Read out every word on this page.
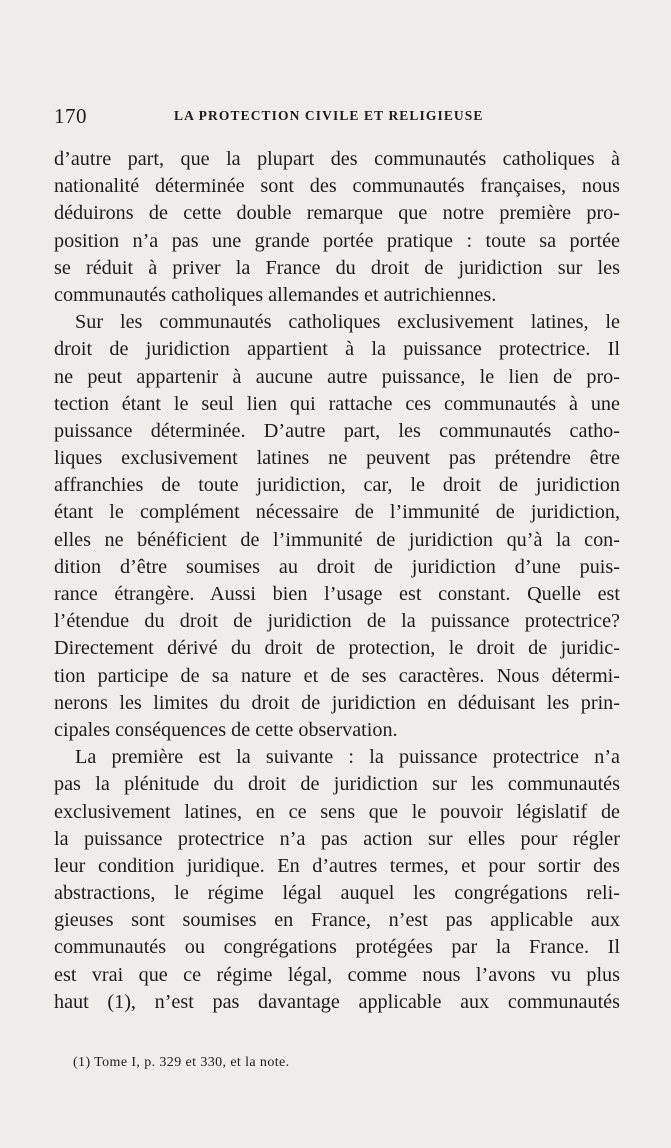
170	LA PROTECTION CIVILE ET RELIGIEUSE
d’autre part, que la plupart des communautés catholiques à
nationalité déterminée sont des communautés françaises, nous
déduirons de cette double remarque que notre première pro-
position n’a pas une grande portée pratique : toute sa portée
se réduit à priver la France du droit de juridiction sur les
communautés catholiques allemandes et autrichiennes.
Sur les communautés catholiques exclusivement latines, le
droit de juridiction appartient à la puissance protectrice. Il
ne peut appartenir à aucune autre puissance, le lien de pro-
tection étant le seul lien qui rattache ces communautés à une
puissance déterminée. D’autre part, les communautés catho-
liques exclusivement latines ne peuvent pas prétendre être
affranchies de toute juridiction, car, le droit de juridiction
étant le complément nécessaire de l’immunité de juridiction,
elles ne bénéficient de l’immunité de juridiction qu’à la con-
dition d’être soumises au droit de juridiction d’une puis-
rance étrangère. Aussi bien l’usage est constant. Quelle est
l’étendue du droit de juridiction de la puissance protectrice?
Directement dérivé du droit de protection, le droit de juridic-
tion participe de sa nature et de ses caractères. Nous détermi-
nerons les limites du droit de juridiction en déduisant les prin-
cipales conséquences de cette observation.
La première est la suivante : la puissance protectrice n’a
pas la plénitude du droit de juridiction sur les communautés
exclusivement latines, en ce sens que le pouvoir législatif de
la puissance protectrice n’a pas action sur elles pour régler
leur condition juridique. En d’autres termes, et pour sortir des
abstractions, le régime légal auquel les congrégations reli-
gieuses sont soumises en France, n’est pas applicable aux
communautés ou congrégations protégées par la France. Il
est vrai que ce régime légal, comme nous l’avons vu plus
haut (1), n’est pas davantage applicable aux communautés
(1) Tome I, p. 329 et 330, et la note.
